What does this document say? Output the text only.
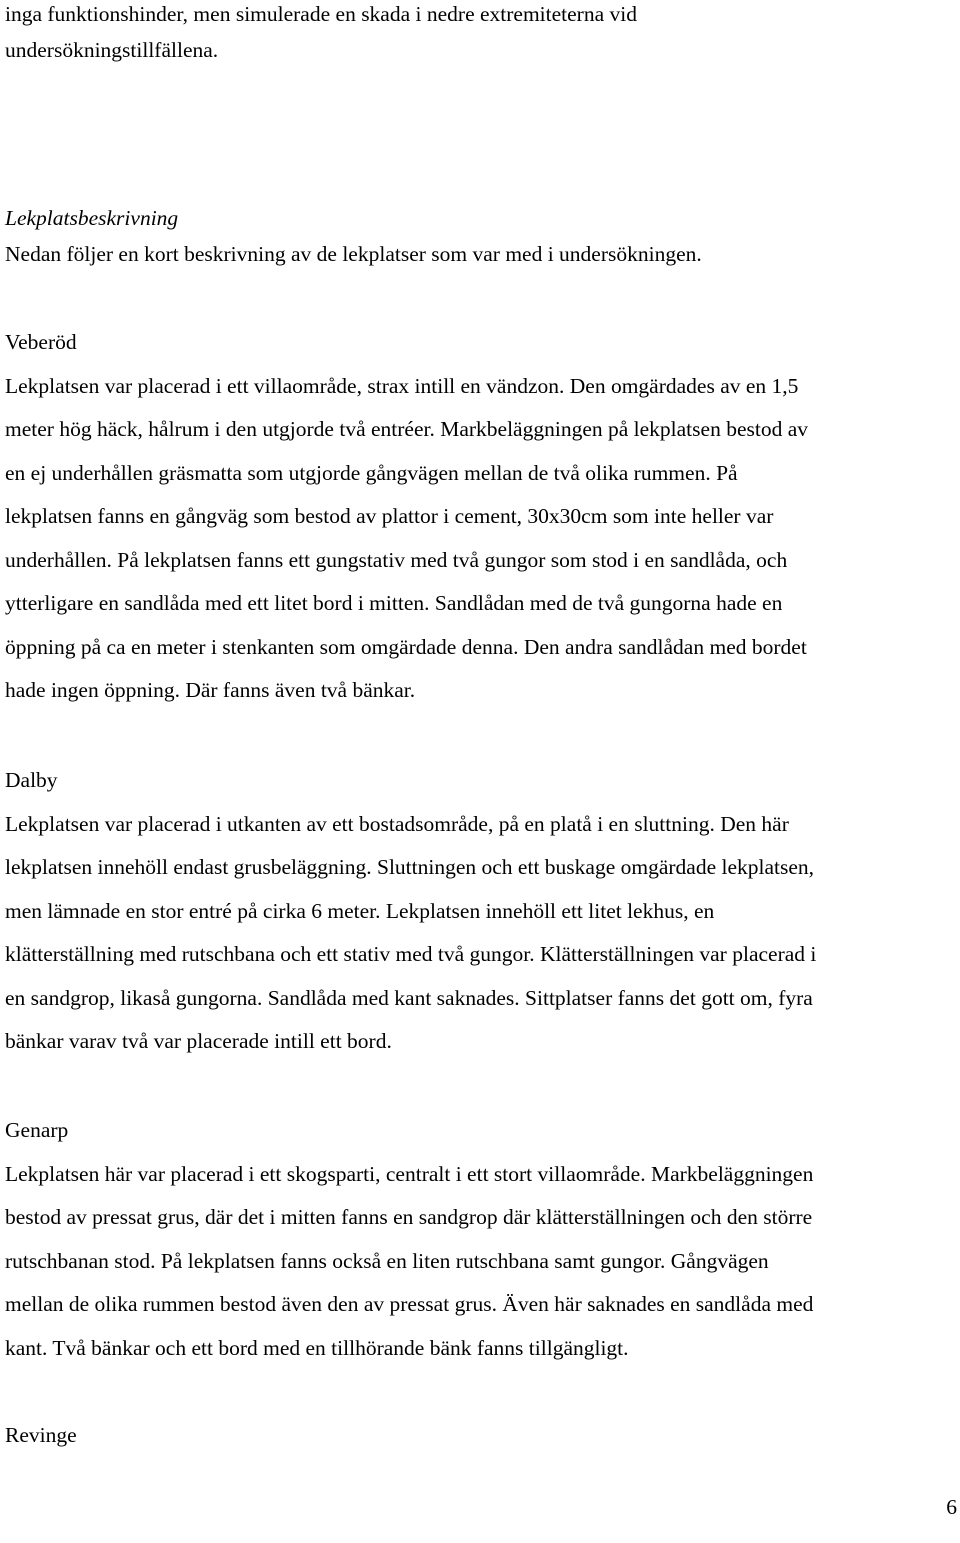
inga funktionshinder, men simulerade en skada i nedre extremiteterna vid

undersökningstillfällena.

Lekplatsbeskrivning

Nedan följer en kort beskrivning av de lekplatser som var med i undersökningen.

Veberöd

Lekplatsen var placerad i ett villaområde, strax intill en vändzon. Den omgärdades av en 1,5

meter hög häck, hålrum i den utgjorde två entréer. Markbeläggningen på lekplatsen bestod av

en ej underhållen gräsmatta som utgjorde gångvägen mellan de två olika rummen. På

lekplatsen fanns en gångväg som bestod av plattor i cement, 30x30cm som inte heller var

underhållen. På lekplatsen fanns ett gungstativ med två gungor som stod i en sandlåda, och

ytterligare en sandlåda med ett litet bord i mitten. Sandlådan med de två gungorna hade en

öppning på ca en meter i stenkanten som omgärdade denna. Den andra sandlådan med bordet

hade ingen öppning. Där fanns även två bänkar.

Dalby

Lekplatsen var placerad i utkanten av ett bostadsområde, på en platå i en sluttning. Den här

lekplatsen innehöll endast grusbeläggning. Sluttningen och ett buskage omgärdade lekplatsen,

men lämnade en stor entré på cirka 6 meter. Lekplatsen innehöll ett litet lekhus, en

klätterställning med rutschbana och ett stativ med två gungor. Klätterställningen var placerad i

en sandgrop, likaså gungorna. Sandlåda med kant saknades. Sittplatser fanns det gott om, fyra

bänkar varav två var placerade intill ett bord.

Genarp

Lekplatsen här var placerad i ett skogsparti, centralt i ett stort villaområde. Markbeläggningen

bestod av pressat grus, där det i mitten fanns en sandgrop där klätterställningen och den större

rutschbanan stod. På lekplatsen fanns också en liten rutschbana samt gungor. Gångvägen

mellan de olika rummen bestod även den av pressat grus. Även här saknades en sandlåda med

kant. Två bänkar och ett bord med en tillhörande bänk fanns tillgängligt.

Revinge

6
